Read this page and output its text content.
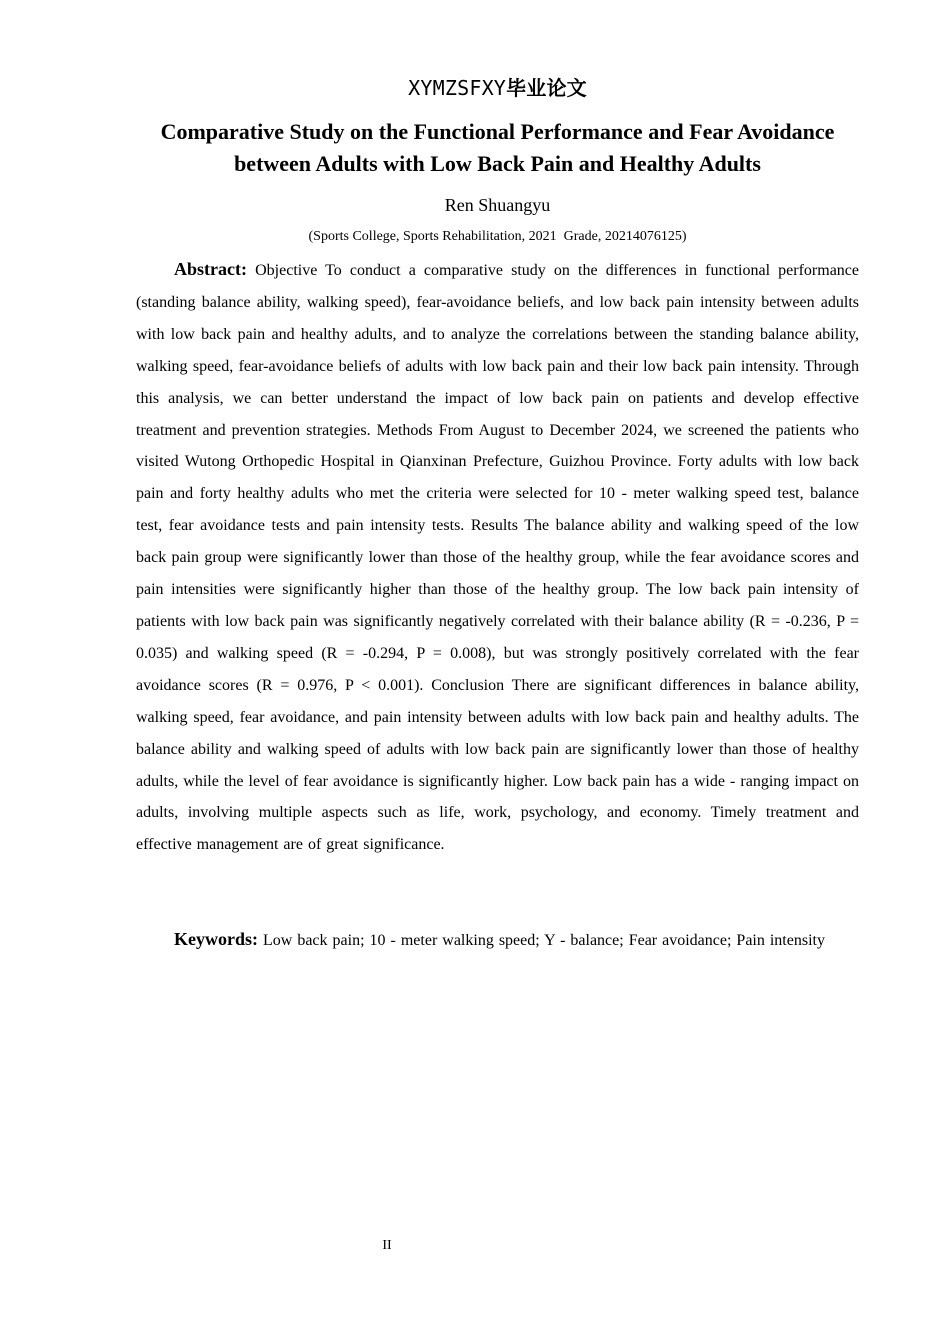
XYMZSFXY毕业论文
Comparative Study on the Functional Performance and Fear Avoidance between Adults with Low Back Pain and Healthy Adults
Ren Shuangyu
(Sports College, Sports Rehabilitation, 2021  Grade, 20214076125)

Abstract: Objective To conduct a comparative study on the differences in functional performance (standing balance ability, walking speed), fear-avoidance beliefs, and low back pain intensity between adults with low back pain and healthy adults, and to analyze the correlations between the standing balance ability, walking speed, fear-avoidance beliefs of adults with low back pain and their low back pain intensity. Through this analysis, we can better understand the impact of low back pain on patients and develop effective treatment and prevention strategies. Methods From August to December 2024, we screened the patients who visited Wutong Orthopedic Hospital in Qianxinan Prefecture, Guizhou Province. Forty adults with low back pain and forty healthy adults who met the criteria were selected for 10 - meter walking speed test, balance test, fear avoidance tests and pain intensity tests. Results The balance ability and walking speed of the low back pain group were significantly lower than those of the healthy group, while the fear avoidance scores and pain intensities were significantly higher than those of the healthy group. The low back pain intensity of patients with low back pain was significantly negatively correlated with their balance ability (R = -0.236, P = 0.035) and walking speed (R = -0.294, P = 0.008), but was strongly positively correlated with the fear avoidance scores (R = 0.976, P < 0.001). Conclusion There are significant differences in balance ability, walking speed, fear avoidance, and pain intensity between adults with low back pain and healthy adults. The balance ability and walking speed of adults with low back pain are significantly lower than those of healthy adults, while the level of fear avoidance is significantly higher. Low back pain has a wide - ranging impact on adults, involving multiple aspects such as life, work, psychology, and economy. Timely treatment and effective management are of great significance.

Keywords: Low back pain; 10 - meter walking speed; Y - balance; Fear avoidance; Pain intensity

II
